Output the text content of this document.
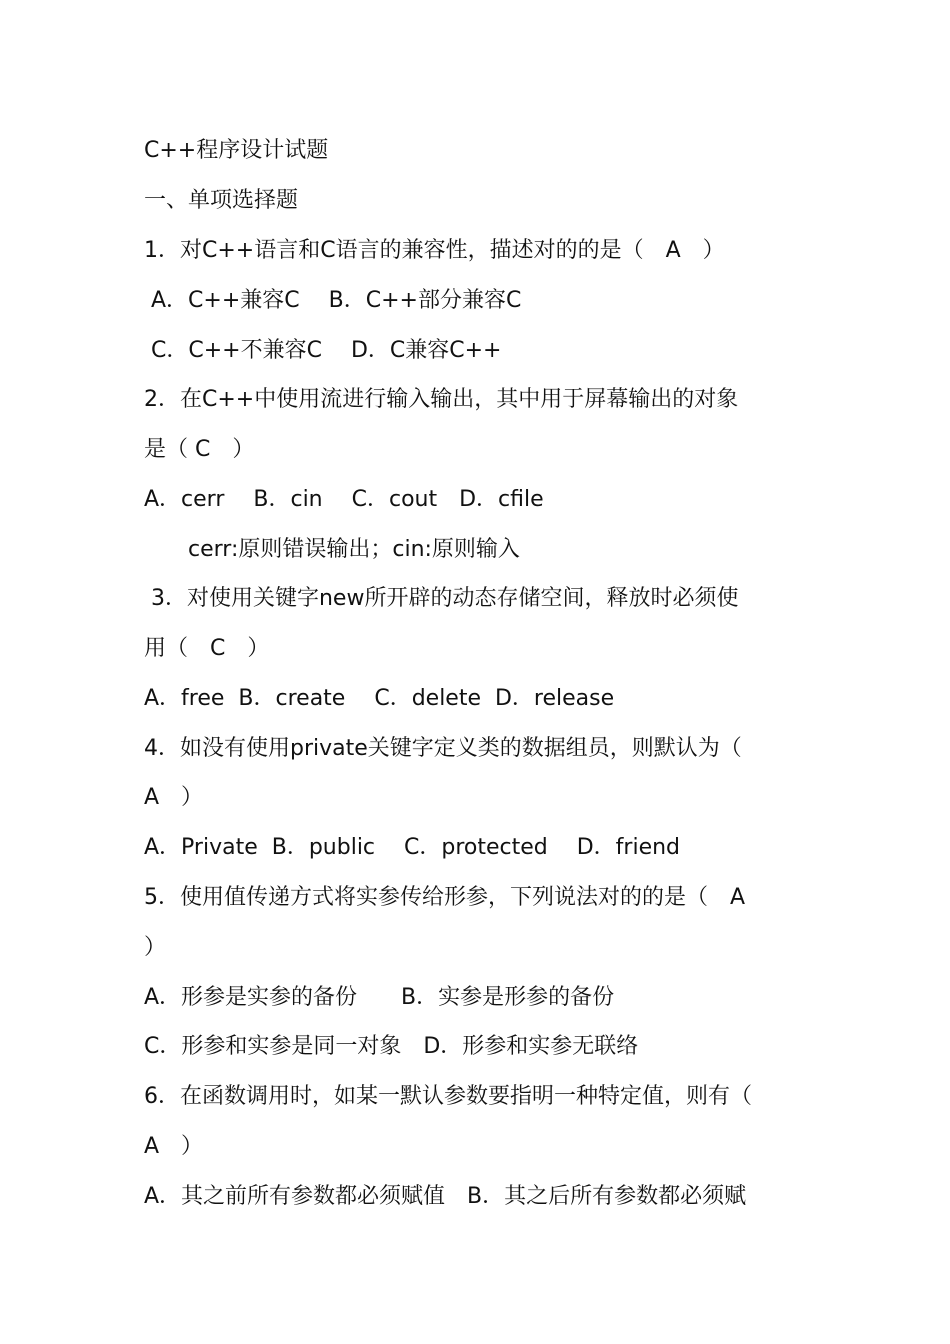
C++程序设计试题
一、单项选择题
1．对C++语言和C语言的兼容性，描述对的的是（　A　）
A．C++兼容C　 B．C++部分兼容C
C．C++不兼容C　 D．C兼容C++
2．在C++中使用流进行输入输出，其中用于屏幕输出的对象
是（ C　）
A．cerr　 B．cin　 C．cout　D．cfile
　　cerr:原则错误输出；cin:原则输入
3．对使用关键字new所开辟的动态存储空间，释放时必须使
用（　C　）
A．free  B．create　 C．delete  D．release
4．如没有使用private关键字定义类的数据组员，则默认为（
A　）
A．Private  B．public　 C．protected　 D．friend
5．使用值传递方式将实参传给形参，下列说法对的的是（　A
）
A．形参是实参的备份　　B．实参是形参的备份
C．形参和实参是同一对象　D．形参和实参无联络
6．在函数调用时，如某一默认参数要指明一种特定值，则有（
A　）
A．其之前所有参数都必须赋值　B．其之后所有参数都必须赋
